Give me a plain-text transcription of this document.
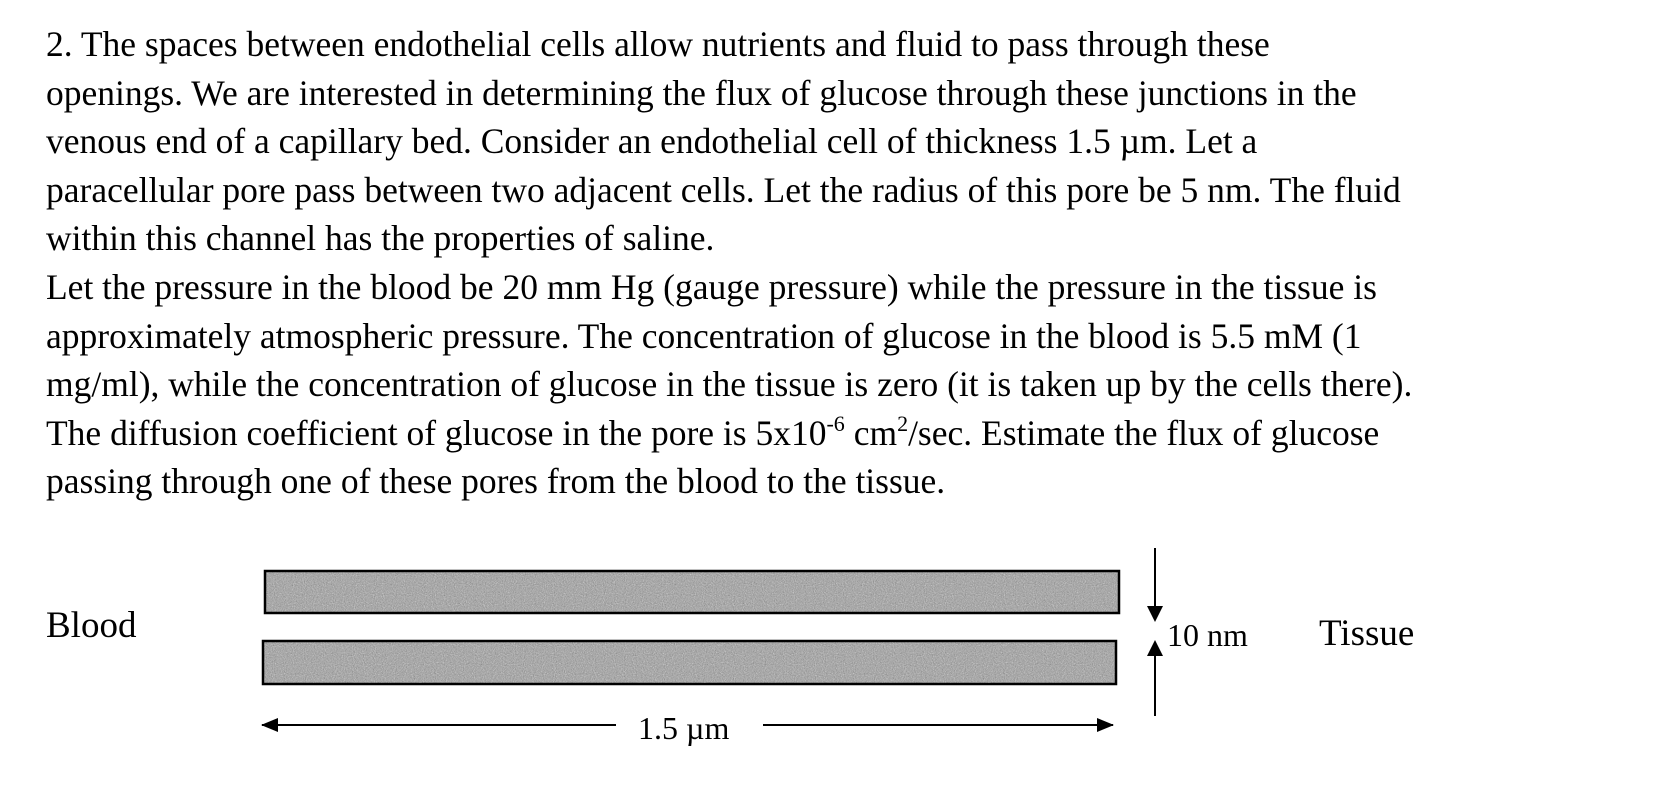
2. The spaces between endothelial cells allow nutrients and fluid to pass through these
openings. We are interested in determining the flux of glucose through these junctions in the
venous end of a capillary bed. Consider an endothelial cell of thickness 1.5 µm. Let a
paracellular pore pass between two adjacent cells. Let the radius of this pore be 5 nm. The fluid
within this channel has the properties of saline.
Let the pressure in the blood be 20 mm Hg (gauge pressure) while the pressure in the tissue is
approximately atmospheric pressure. The concentration of glucose in the blood is 5.5 mM (1
mg/ml), while the concentration of glucose in the tissue is zero (it is taken up by the cells there).
The diffusion coefficient of glucose in the pore is $5x10^{-6}$ $cm^2/\sec$. Estimate the flux of glucose
passing through one of these pores from the blood to the tissue.
Blood	10 nm Tissue
1.5 µm
